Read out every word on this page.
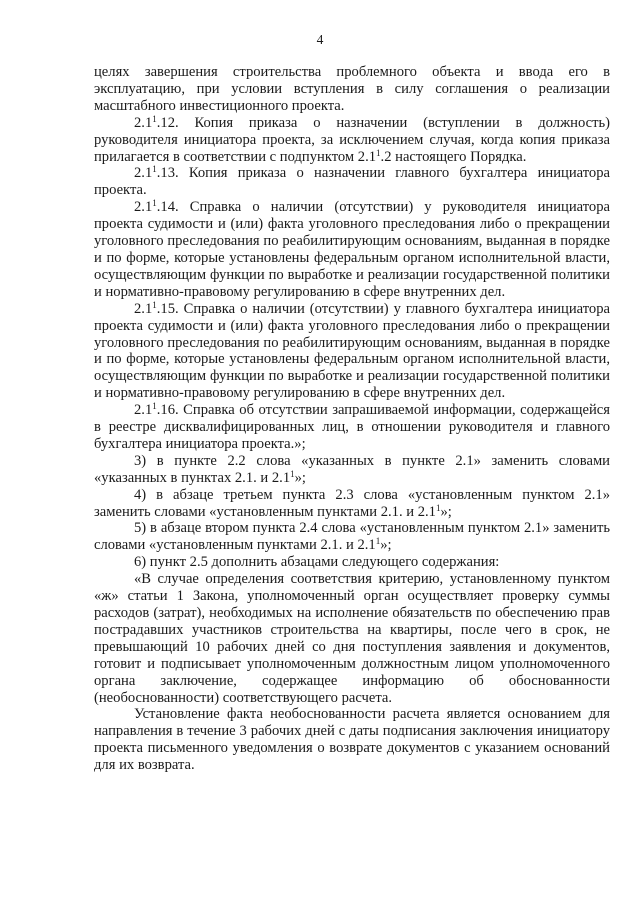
4

целях завершения строительства проблемного объекта и ввода его в эксплуатацию, при условии вступления в силу соглашения о реализации масштабного инвестиционного проекта.

$2.1^1.12$. Копия приказа о назначении (вступлении в должность) руководителя инициатора проекта, за исключением случая, когда копия приказа прилагается в соответствии с подпунктом $2.1^1.2$ настоящего Порядка.

$2.1^1.13$. Копия приказа о назначении главного бухгалтера инициатора проекта.

$2.1^1.14$. Справка о наличии (отсутствии) у руководителя инициатора проекта судимости и (или) факта уголовного преследования либо о прекращении уголовного преследования по реабилитирующим основаниям, выданная в порядке и по форме, которые установлены федеральным органом исполнительной власти, осуществляющим функции по выработке и реализации государственной политики и нормативно-правовому регулированию в сфере внутренних дел.

$2.1^1.15$. Справка о наличии (отсутствии) у главного бухгалтера инициатора проекта судимости и (или) факта уголовного преследования либо о прекращении уголовного преследования по реабилитирующим основаниям, выданная в порядке и по форме, которые установлены федеральным органом исполнительной власти, осуществляющим функции по выработке и реализации государственной политики и нормативно-правовому регулированию в сфере внутренних дел.

$2.1^1.16$. Справка об отсутствии запрашиваемой информации, содержащейся в реестре дисквалифицированных лиц, в отношении руководителя и главного бухгалтера инициатора проекта.»;

3) в пункте 2.2 слова «указанных в пункте 2.1» заменить словами «указанных в пунктах 2.1. и $2.1^1$»;

4) в абзаце третьем пункта 2.3 слова «установленным пунктом 2.1» заменить словами «установленным пунктами 2.1. и $2.1^1$»;

5) в абзаце втором пункта 2.4 слова «установленным пунктом 2.1» заменить словами «установленным пунктами 2.1. и $2.1^1$»;

6) пункт 2.5 дополнить абзацами следующего содержания:

«В случае определения соответствия критерию, установленному пунктом «ж» статьи 1 Закона, уполномоченный орган осуществляет проверку суммы расходов (затрат), необходимых на исполнение обязательств по обеспечению прав пострадавших участников строительства на квартиры, после чего в срок, не превышающий 10 рабочих дней со дня поступления заявления и документов, готовит и подписывает уполномоченным должностным лицом уполномоченного органа заключение, содержащее информацию об обоснованности (необоснованности) соответствующего расчета.

Установление факта необоснованности расчета является основанием для направления в течение 3 рабочих дней с даты подписания заключения инициатору проекта письменного уведомления о возврате документов с указанием оснований для их возврата.
